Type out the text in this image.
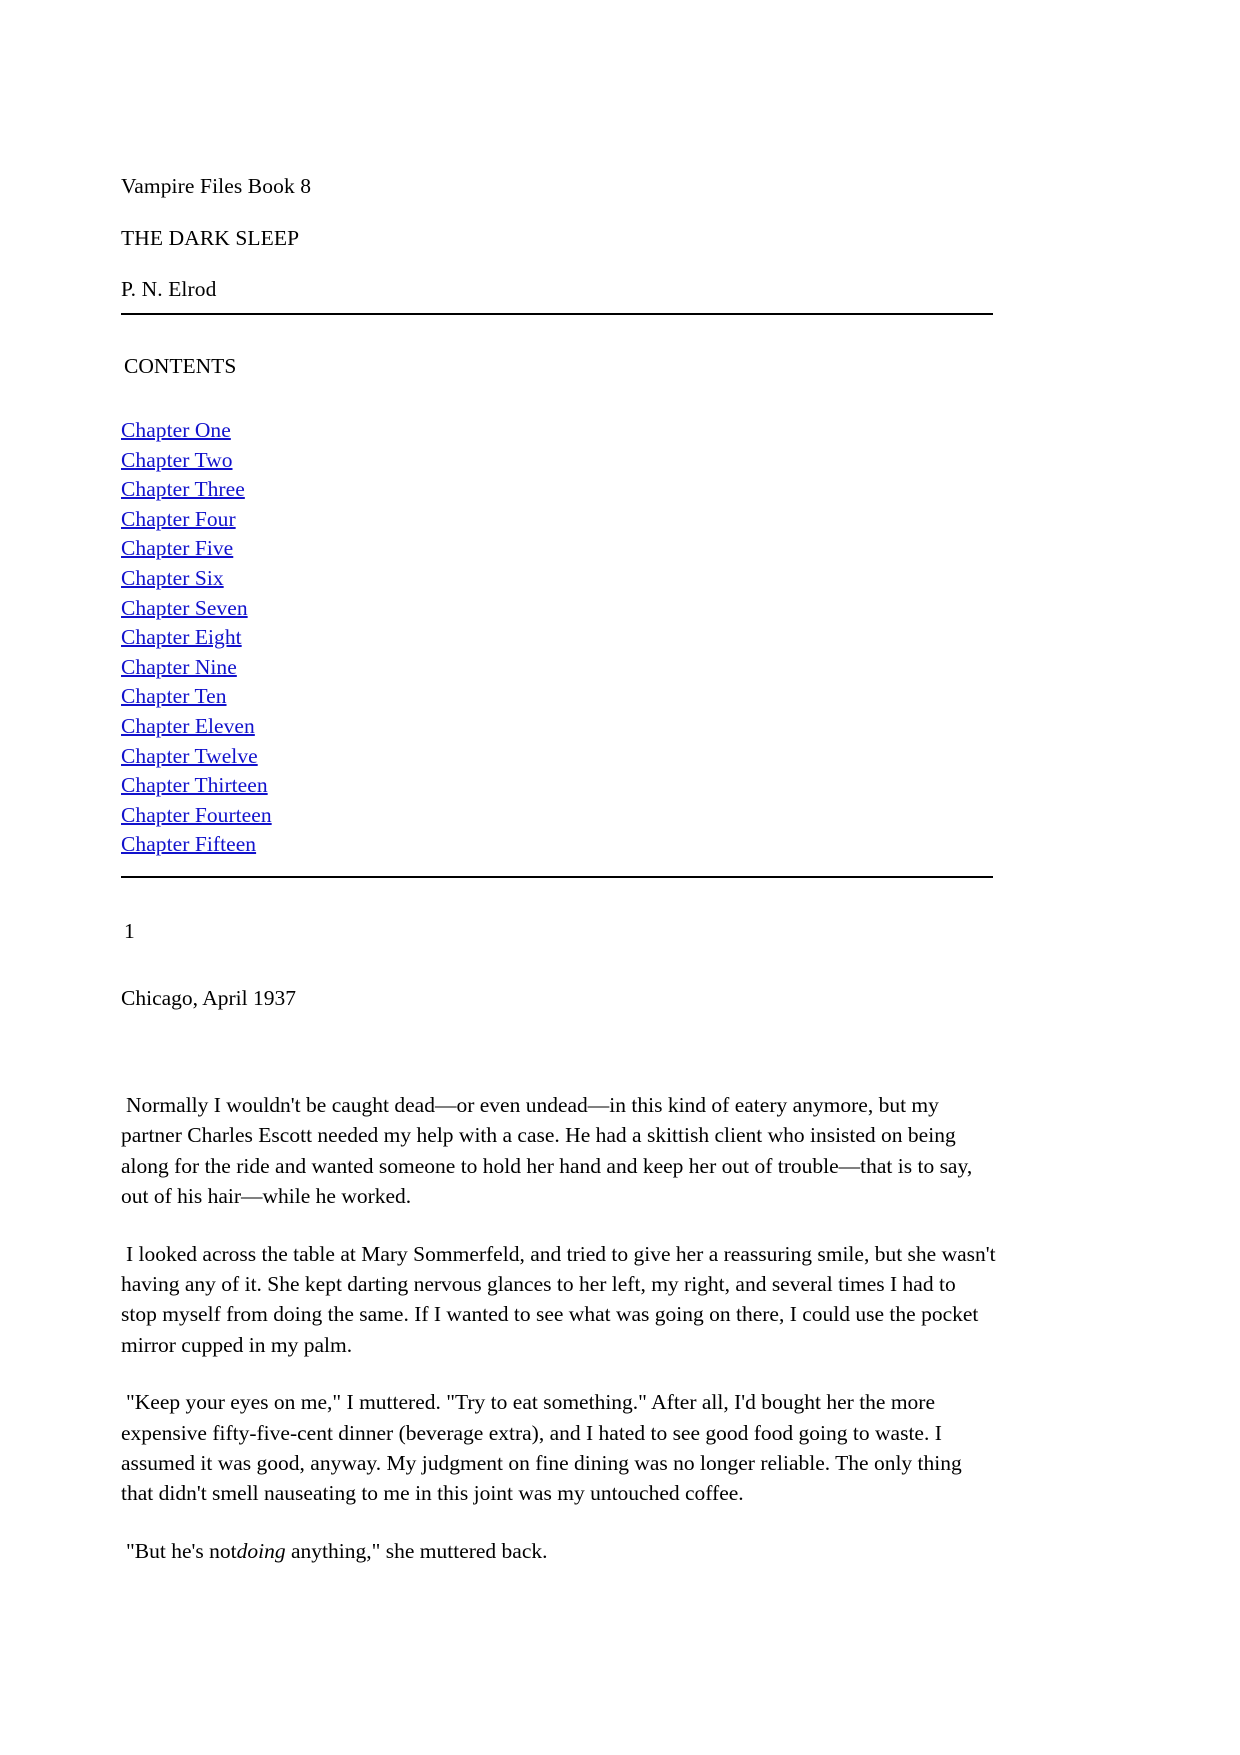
Vampire Files Book 8
THE DARK SLEEP
P. N. Elrod
CONTENTS
Chapter One
Chapter Two
Chapter Three
Chapter Four
Chapter Five
Chapter Six
Chapter Seven
Chapter Eight
Chapter Nine
Chapter Ten
Chapter Eleven
Chapter Twelve
Chapter Thirteen
Chapter Fourteen
Chapter Fifteen
1
Chicago, April 1937

Normally I wouldn't be caught dead—or even undead—in this kind of eatery anymore, but my partner Charles Escott needed my help with a case. He had a skittish client who insisted on being along for the ride and wanted someone to hold her hand and keep her out of trouble—that is to say, out of his hair—while he worked.

I looked across the table at Mary Sommerfeld, and tried to give her a reassuring smile, but she wasn't having any of it. She kept darting nervous glances to her left, my right, and several times I had to stop myself from doing the same. If I wanted to see what was going on there, I could use the pocket mirror cupped in my palm.

"Keep your eyes on me," I muttered. "Try to eat something." After all, I'd bought her the more expensive fifty-five-cent dinner (beverage extra), and I hated to see good food going to waste. I assumed it was good, anyway. My judgment on fine dining was no longer reliable. The only thing that didn't smell nauseating to me in this joint was my untouched coffee.

"But he's notdoing anything," she muttered back.
